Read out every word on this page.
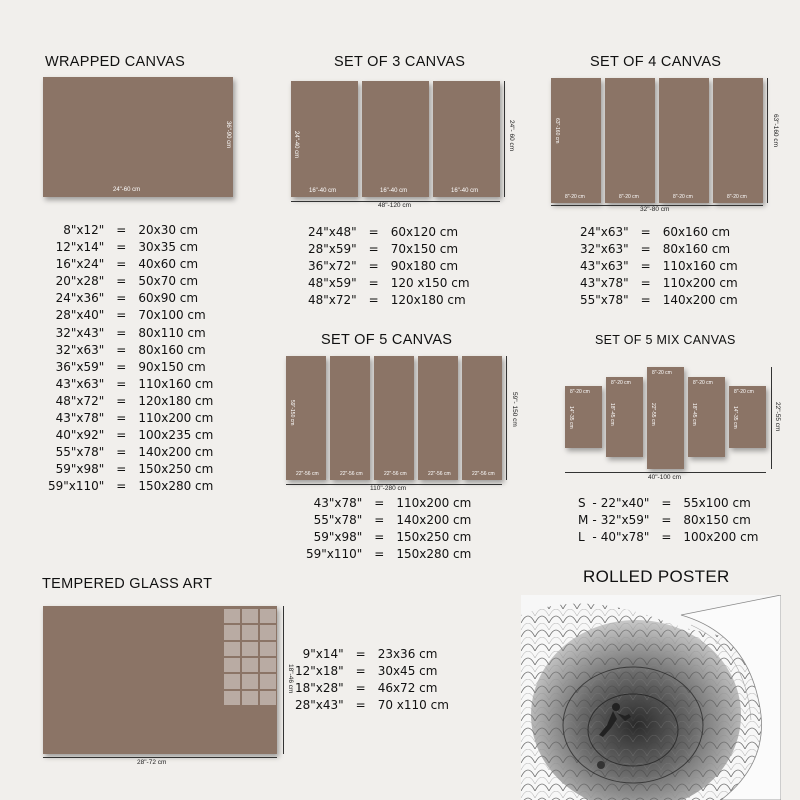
WRAPPED CANVAS
24"-60 cm
36"-90 cm
8"x12"	=	20x30 cm
12"x14"	=	30x35 cm
16"x24"	=	40x60 cm
20"x28"	=	50x70 cm
24"x36"	=	60x90 cm
28"x40"	=	70x100 cm
32"x43"	=	80x110 cm
32"x63"	=	80x160 cm
36"x59"	=	90x150 cm
43"x63"	=	110x160 cm
48"x72"	=	120x180 cm
43"x78"	=	110x200 cm
40"x92"	=	100x235 cm
55"x78"	=	140x200 cm
59"x98"	=	150x250 cm
59"x110"	=	150x280 cm
SET OF 3 CANVAS
24"-40 cm
16"-40 cm	16"-40 cm	16"-40 cm
48"-120 cm
24"- 60 cm
24"x48"	=	60x120 cm
28"x59"	=	70x150 cm
36"x72"	=	90x180 cm
48"x59"	=	120 x150 cm
48"x72"	=	120x180 cm
SET OF 4 CANVAS
63"-160 cm
8"-20 cm	8"-20 cm	8"-20 cm	8"-20 cm
32"-80 cm
63"-160 cm
24"x63"	=	60x160 cm
32"x63"	=	80x160 cm
43"x63"	=	110x160 cm
43"x78"	=	110x200 cm
55"x78"	=	140x200 cm
SET OF 5 CANVAS
59"-150 cm
22"-56 cm	22"-56 cm	22"-56 cm	22"-56 cm	22"-56 cm
110"-280 cm
59"- 150 cm
43"x78"	=	110x200 cm
55"x78"	=	140x200 cm
59"x98"	=	150x250 cm
59"x110"	=	150x280 cm
SET OF 5 MIX CANVAS
8"-20 cm
14"-35 cm
8"-20 cm
18"-45 cm
8"-20 cm
22"-55 cm
8"-20 cm
18"-45 cm
8"-20 cm
14"-35 cm
40"-100 cm
22"-55 cm
S	-	22"x40"	=	55x100 cm
M	-	32"x59"	=	80x150 cm
L	-	40"x78"	=	100x200 cm
TEMPERED GLASS ART
28"-72 cm
18"-46 cm
9"x14"	=	23x36 cm
12"x18"	=	30x45 cm
18"x28"	=	46x72 cm
28"x43"	=	70 x110 cm
ROLLED POSTER
